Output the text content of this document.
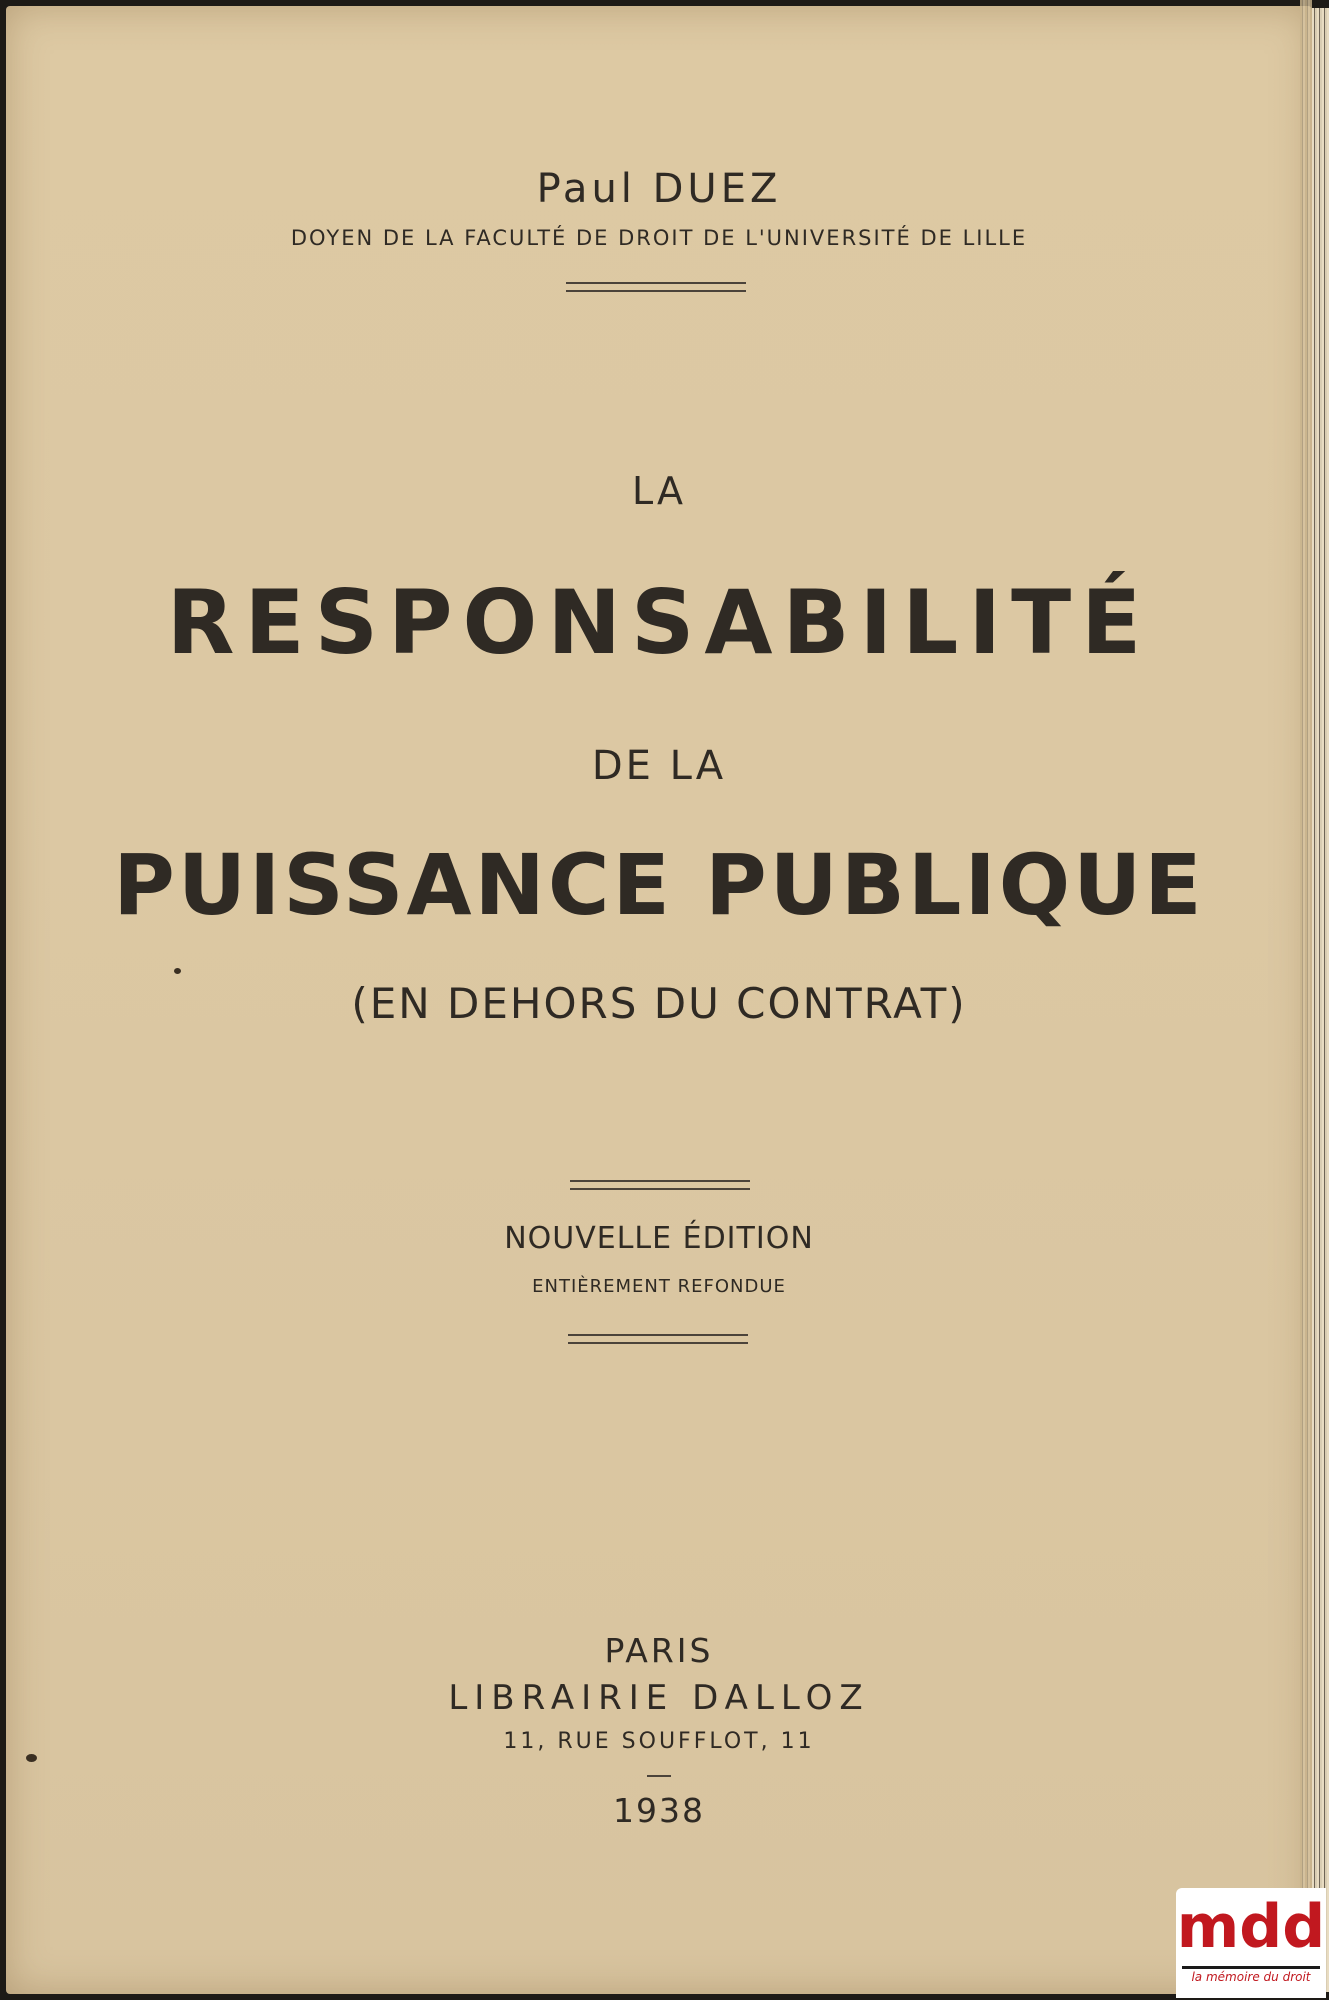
Paul DUEZ
DOYEN DE LA FACULTÉ DE DROIT DE L'UNIVERSITÉ DE LILLE
LA
RESPONSABILITÉ
DE LA
PUISSANCE PUBLIQUE
(EN DEHORS DU CONTRAT)
NOUVELLE ÉDITION
ENTIÈREMENT REFONDUE
PARIS
LIBRAIRIE DALLOZ
11, RUE SOUFFLOT, 11
1938
mdd
la mémoire du droit
